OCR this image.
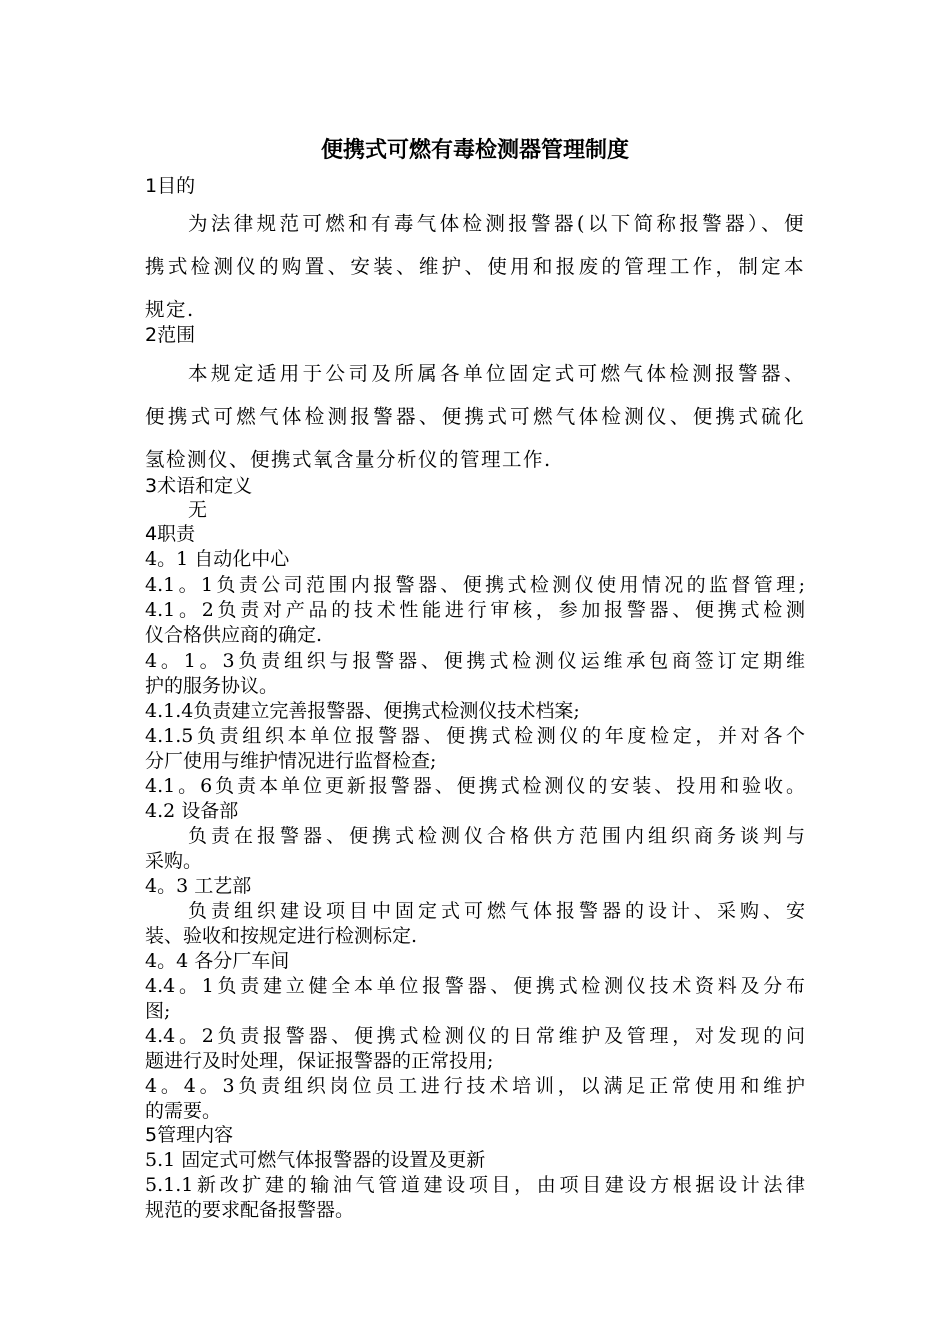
便携式可燃有毒检测器管理制度
1目的
为法律规范可燃和有毒气体检测报警器(以下简称报警器）、便
携式检测仪的购置、安装、维护、使用和报废的管理工作，制定本
规定.
2范围
本规定适用于公司及所属各单位固定式可燃气体检测报警器、
便携式可燃气体检测报警器、便携式可燃气体检测仪、便携式硫化
氢检测仪、便携式氧含量分析仪的管理工作.
3术语和定义
无
4职责
4。1 自动化中心
4.1。1负责公司范围内报警器、便携式检测仪使用情况的监督管理;
4.1。2负责对产品的技术性能进行审核，参加报警器、便携式检测
仪合格供应商的确定.
4。1。3负责组织与报警器、便携式检测仪运维承包商签订定期维
护的服务协议。
4.1.4负责建立完善报警器、便携式检测仪技术档案;
4.1.5负责组织本单位报警器、便携式检测仪的年度检定，并对各个
分厂使用与维护情况进行监督检查;
4.1。6负责本单位更新报警器、便携式检测仪的安装、投用和验收。
4.2 设备部
负责在报警器、便携式检测仪合格供方范围内组织商务谈判与
采购。
4。3 工艺部
负责组织建设项目中固定式可燃气体报警器的设计、采购、安
装、验收和按规定进行检测标定.
4。4 各分厂车间
4.4。1负责建立健全本单位报警器、便携式检测仪技术资料及分布
图;
4.4。2负责报警器、便携式检测仪的日常维护及管理，对发现的问
题进行及时处理，保证报警器的正常投用;
4。4。3负责组织岗位员工进行技术培训，以满足正常使用和维护
的需要。
5管理内容
5.1 固定式可燃气体报警器的设置及更新
5.1.1新改扩建的输油气管道建设项目，由项目建设方根据设计法律
规范的要求配备报警器。
